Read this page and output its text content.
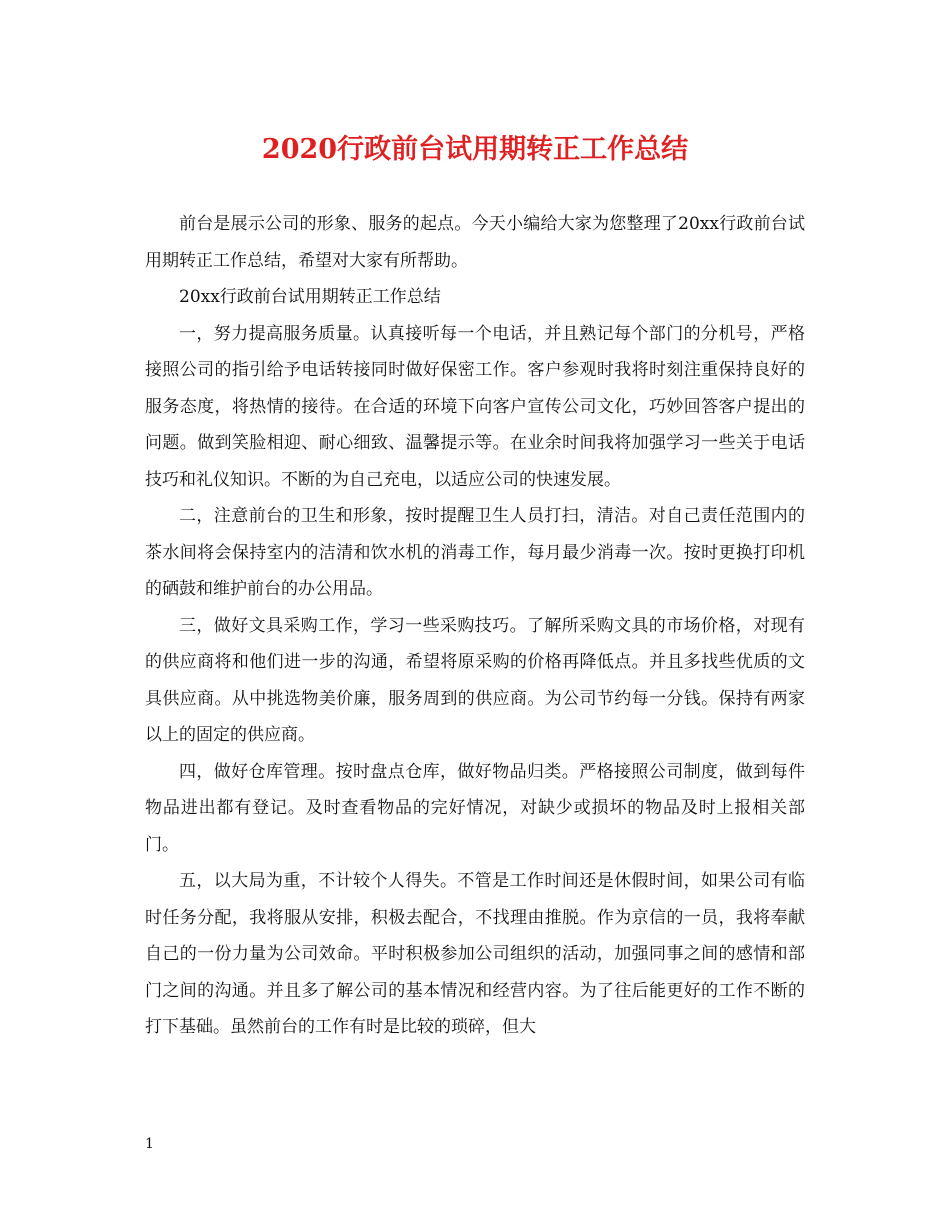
2020行政前台试用期转正工作总结

前台是展示公司的形象、服务的起点。今天小编给大家为您整理了20xx行政前台试用期转正工作总结，希望对大家有所帮助。

20xx行政前台试用期转正工作总结

一，努力提高服务质量。认真接听每一个电话，并且熟记每个部门的分机号，严格接照公司的指引给予电话转接同时做好保密工作。客户参观时我将时刻注重保持良好的服务态度，将热情的接待。在合适的环境下向客户宣传公司文化，巧妙回答客户提出的问题。做到笑脸相迎、耐心细致、温馨提示等。在业余时间我将加强学习一些关于电话技巧和礼仪知识。不断的为自己充电，以适应公司的快速发展。

二，注意前台的卫生和形象，按时提醒卫生人员打扫，清洁。对自己责任范围内的茶水间将会保持室内的洁清和饮水机的消毒工作，每月最少消毒一次。按时更换打印机的硒鼓和维护前台的办公用品。

三，做好文具采购工作，学习一些采购技巧。了解所采购文具的市场价格，对现有的供应商将和他们进一步的沟通，希望将原采购的价格再降低点。并且多找些优质的文具供应商。从中挑选物美价廉，服务周到的供应商。为公司节约每一分钱。保持有两家以上的固定的供应商。

四，做好仓库管理。按时盘点仓库，做好物品归类。严格接照公司制度，做到每件物品进出都有登记。及时查看物品的完好情况，对缺少或损坏的物品及时上报相关部门。

五，以大局为重，不计较个人得失。不管是工作时间还是休假时间，如果公司有临时任务分配，我将服从安排，积极去配合，不找理由推脱。作为京信的一员，我将奉献自己的一份力量为公司效命。平时积极参加公司组织的活动，加强同事之间的感情和部门之间的沟通。并且多了解公司的基本情况和经营内容。为了往后能更好的工作不断的打下基础。虽然前台的工作有时是比较的琐碎，但大

1
